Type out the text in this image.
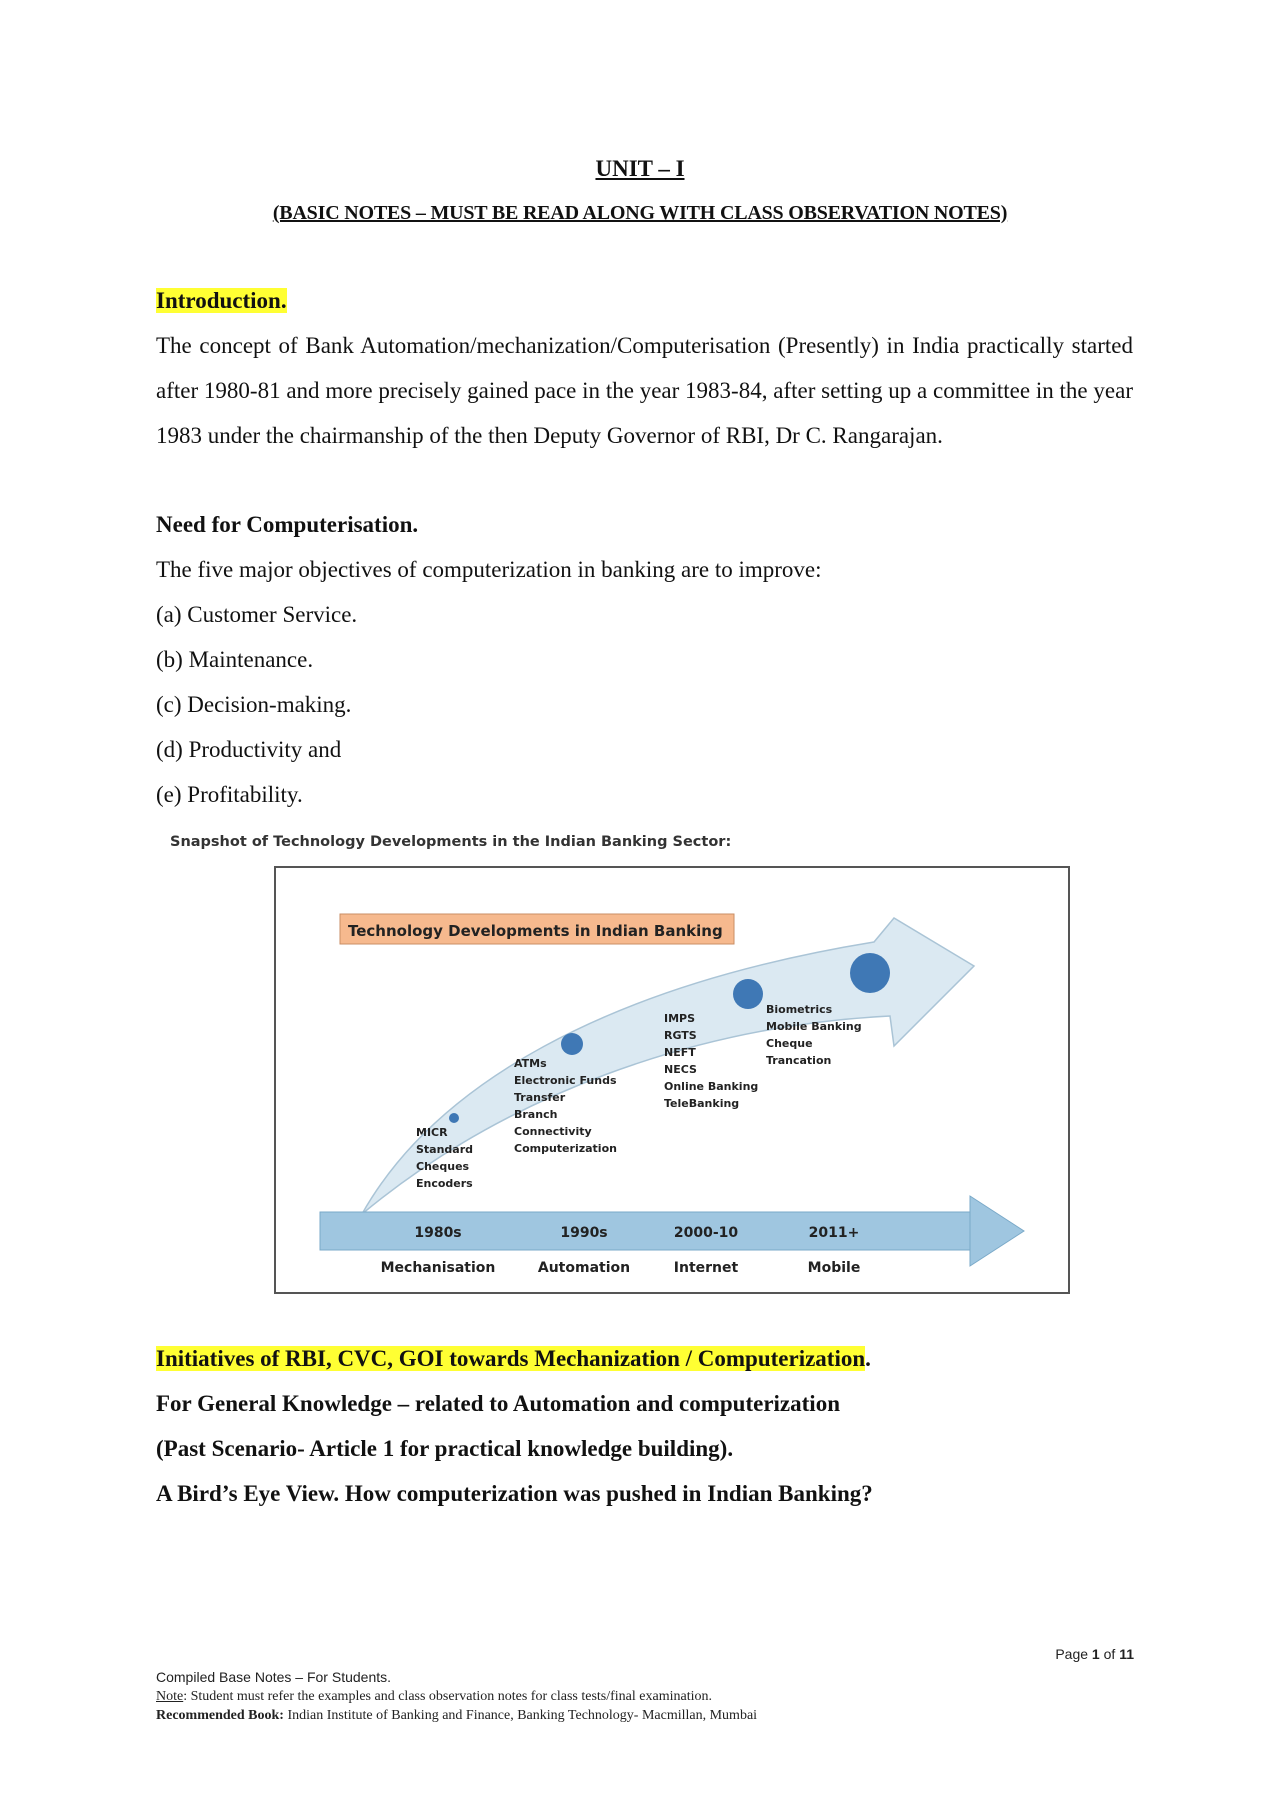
UNIT – I
(BASIC NOTES – MUST BE READ ALONG WITH CLASS OBSERVATION NOTES)
Introduction.

The concept of Bank Automation/mechanization/Computerisation (Presently) in India practically started after 1980-81 and more precisely gained pace in the year 1983-84, after setting up a committee in the year 1983 under the chairmanship of the then Deputy Governor of RBI, Dr C. Rangarajan.

Need for Computerisation.
The five major objectives of computerization in banking are to improve:
(a) Customer Service.
(b) Maintenance.
(c) Decision-making.
(d) Productivity and
(e) Profitability.
Snapshot of Technology Developments in the Indian Banking Sector:
Technology Developments in Indian Banking
MICR
Standard
Cheques
Encoders
ATMs
Electronic Funds
Transfer
Branch
Connectivity
Computerization
IMPS
RGTS
NEFT
NECS
Online Banking
TeleBanking
Biometrics
Mobile Banking
Cheque
Trancation
1980s	1990s	2000-10	2011+
Mechanisation	Automation	Internet	Mobile
Initiatives of RBI, CVC, GOI towards Mechanization / Computerization.
For General Knowledge – related to Automation and computerization
(Past Scenario- Article 1 for practical knowledge building).
A Bird’s Eye View. How computerization was pushed in Indian Banking?
Page 1 of 11
Compiled Base Notes – For Students.
Note: Student must refer the examples and class observation notes for class tests/final examination.
Recommended Book: Indian Institute of Banking and Finance, Banking Technology- Macmillan, Mumbai
